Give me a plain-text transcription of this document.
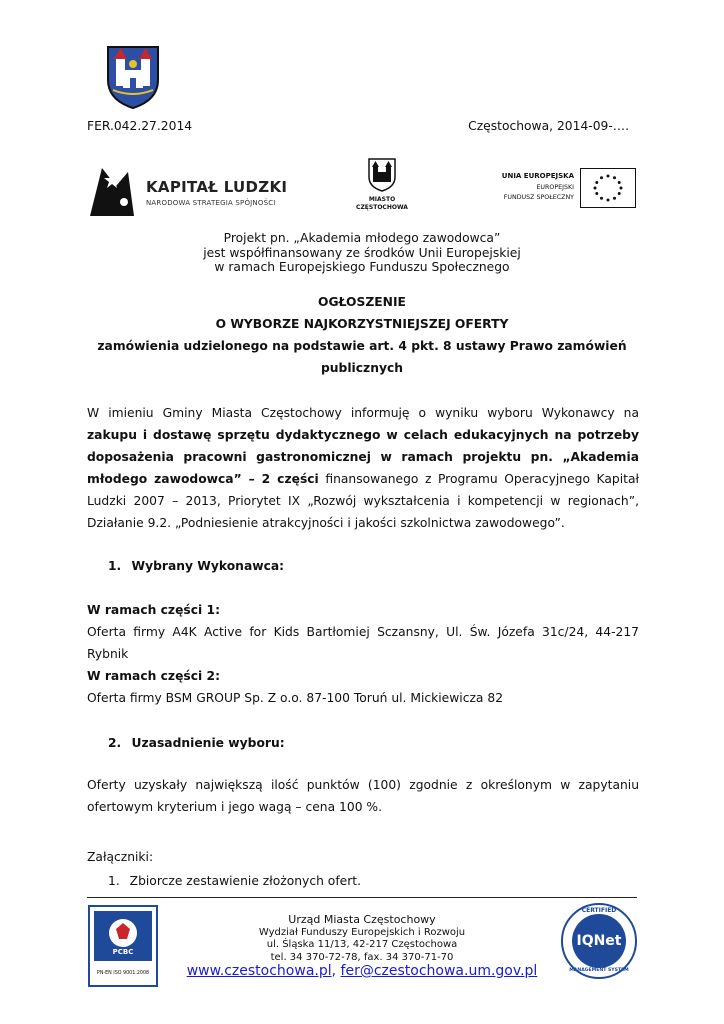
FER.042.27.2014	Częstochowa, 2014-09-….
KAPITAŁ LUDZKI
NARODOWA STRATEGIA SPÓJNOŚCI	MIASTO
CZĘSTOCHOWA
UNIA EUROPEJSKA
EUROPEJSKI
FUNDUSZ SPOŁECZNY
Projekt pn. „Akademia młodego zawodowca”
jest współfinansowany ze środków Unii Europejskiej
w ramach Europejskiego Funduszu Społecznego
OGŁOSZENIE
O WYBORZE NAJKORZYSTNIEJSZEJ OFERTY
zamówienia udzielonego na podstawie art. 4 pkt. 8 ustawy Prawo zamówień publicznych
W imieniu Gminy Miasta Częstochowy informuję o wyniku wyboru Wykonawcy na zakupu i dostawę sprzętu dydaktycznego w celach edukacyjnych na potrzeby doposażenia pracowni gastronomicznej w ramach projektu pn. „Akademia młodego zawodowca” – 2 części finansowanego z Programu Operacyjnego Kapitał Ludzki 2007 – 2013, Priorytet IX „Rozwój wykształcenia i kompetencji w regionach”, Działanie 9.2. „Podniesienie atrakcyjności i jakości szkolnictwa zawodowego”.
1. Wybrany Wykonawca:
W ramach części 1:
Oferta firmy A4K Active for Kids Bartłomiej Sczansny, Ul. Św. Józefa 31c/24, 44-217 Rybnik
W ramach części 2:
Oferta firmy BSM GROUP Sp. Z o.o. 87-100 Toruń ul. Mickiewicza 82
2. Uzasadnienie wyboru:
Oferty uzyskały największą ilość punktów (100) zgodnie z określonym w zapytaniu ofertowym kryterium i jego wagą – cena 100 %.
Załączniki:
1. Zbiorcze zestawienie złożonych ofert.
PCBC
PN-EN ISO 9001:2008
Urząd Miasta Częstochowy
Wydział Funduszy Europejskich i Rozwoju
ul. Śląska 11/13, 42-217 Częstochowa
tel. 34 370-72-78, fax. 34 370-71-70
www.czestochowa.pl, fer@czestochowa.um.gov.pl
CERTIFIED
IQNet
MANAGEMENT SYSTEM
